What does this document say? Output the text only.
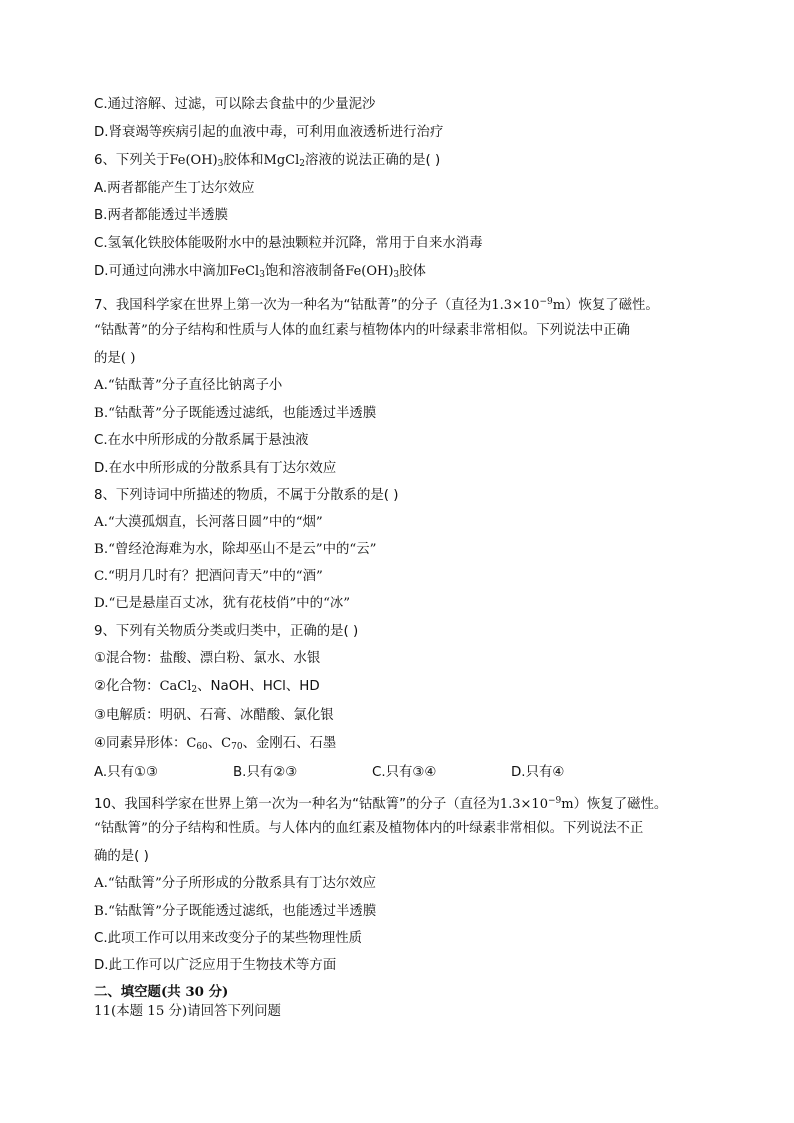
C.通过溶解、过滤，可以除去食盐中的少量泥沙
D.肾衰竭等疾病引起的血液中毒，可利用血液透析进行治疗
6、下列关于$Fe(OH)_3$胶体和MgCl$_2$溶液的说法正确的是( )
A.两者都能产生丁达尔效应
B.两者都能透过半透膜
C.氢氧化铁胶体能吸附水中的悬浊颗粒并沉降，常用于自来水消毒
D.可通过向沸水中滴加FeCl$_3$饱和溶液制备$Fe(OH)_3$胶体
7、我国科学家在世界上第一次为一种名为“钴酞菁”的分子（直径为$1.3\times 10^{-9}m$）恢复了磁性。
“钴酞菁”的分子结构和性质与人体的血红素与植物体内的叶绿素非常相似。下列说法中正确
的是( )
A.“钴酞菁”分子直径比钠离子小
B.“钴酞菁”分子既能透过滤纸，也能透过半透膜
C.在水中所形成的分散系属于悬浊液
D.在水中所形成的分散系具有丁达尔效应
8、下列诗词中所描述的物质，不属于分散系的是( )
A.“大漠孤烟直，长河落日圆”中的“烟”
B.“曾经沧海难为水，除却巫山不是云”中的“云”
C.“明月几时有？把酒问青天”中的“酒”
D.“已是悬崖百丈冰，犹有花枝俏”中的“冰”
9、下列有关物质分类或归类中，正确的是( )
①混合物：盐酸、漂白粉、氯水、水银
②化合物：CaCl$_2$、NaOH、HCl、HD
③电解质：明矾、石膏、冰醋酸、氯化银
④同素异形体：$C_{60}$、$C_{70}$、金刚石、石墨
A.只有①③	B.只有②③	C.只有③④	D.只有④
10、我国科学家在世界上第一次为一种名为“钴酞箐”的分子（直径为$1.3\times 10^{-9}m$）恢复了磁性。
“钴酞箐”的分子结构和性质。与人体内的血红素及植物体内的叶绿素非常相似。下列说法不正
确的是( )
A.“钴酞箐”分子所形成的分散系具有丁达尔效应
B.“钴酞箐”分子既能透过滤纸，也能透过半透膜
C.此项工作可以用来改变分子的某些物理性质
D.此工作可以广泛应用于生物技术等方面
二、填空题(共 30 分)
11(本题 15 分)请回答下列问题
